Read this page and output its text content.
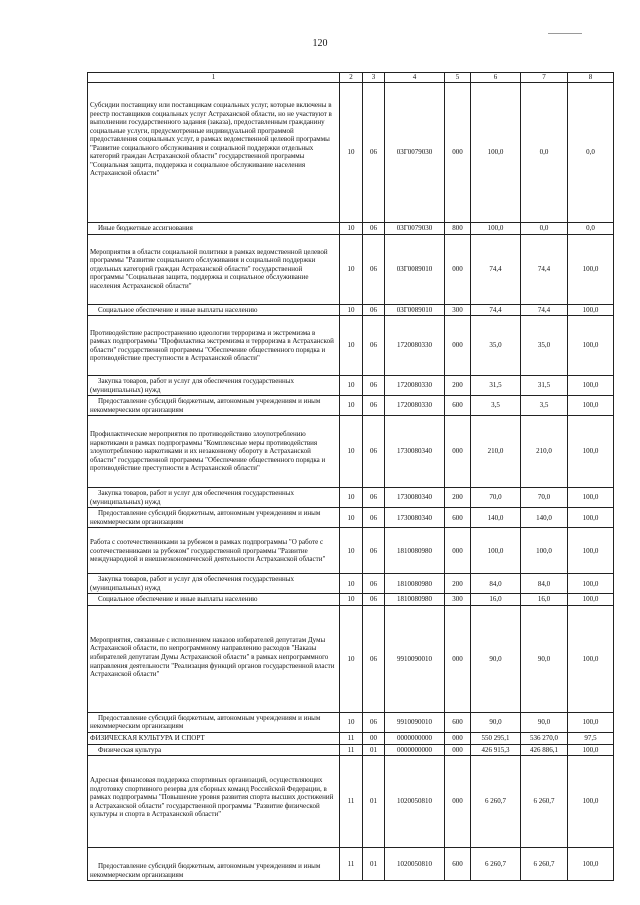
120
1	2	3	4	5	6	7	8

Субсидии поставщику или поставщикам социальных услуг, которые включены в реестр поставщиков социальных услуг Астраханской области, но не участвуют в выполнении государственного задания (заказа), предоставленным гражданину социальные услуги, предусмотренные индивидуальной программой предоставления социальных услуг, в рамках ведомственной целевой программы "Развитие социального обслуживания и социальной поддержки отдельных категорий граждан Астраханской области" государственной программы "Социальная защита, поддержка и социальное обслуживание населения Астраханской области"	10	06	03Г0079030	000	100,0	0,0	0,0

Иные бюджетные ассигнования	10	06	03Г0079030	800	100,0	0,0	0,0

Мероприятия в области социальной политики в рамках ведомственной целевой программы "Развитие социального обслуживания и социальной поддержки отдельных категорий граждан Астраханской области" государственной программы "Социальная защита, поддержка и социальное обслуживание населения Астраханской области"	10	06	03Г0089010	000	74,4	74,4	100,0

Социальное обеспечение и иные выплаты населению	10	06	03Г0089010	300	74,4	74,4	100,0

Противодействие распространению идеологии терроризма и экстремизма в рамках подпрограммы "Профилактика экстремизма и терроризма в Астраханской области" государственной программы "Обеспечение общественного порядка и противодействие преступности в Астраханской области"	10	06	1720080330	000	35,0	35,0	100,0

Закупка товаров, работ и услуг для обеспечения государственных (муниципальных) нужд	10	06	1720080330	200	31,5	31,5	100,0

Предоставление субсидий бюджетным, автономным учреждениям и иным некоммерческим организациям	10	06	1720080330	600	3,5	3,5	100,0

Профилактические мероприятия по противодействию злоупотреблению наркотиками в рамках подпрограммы "Комплексные меры противодействия злоупотреблению наркотиками и их незаконному обороту в Астраханской области" государственной программы "Обеспечение общественного порядка и противодействие преступности в Астраханской области"	10	06	1730080340	000	210,0	210,0	100,0

Закупка товаров, работ и услуг для обеспечения государственных (муниципальных) нужд	10	06	1730080340	200	70,0	70,0	100,0

Предоставление субсидий бюджетным, автономным учреждениям и иным некоммерческим организациям	10	06	1730080340	600	140,0	140,0	100,0

Работа с соотечественниками за рубежом в рамках подпрограммы "О работе с соотечественниками за рубежом" государственной программы "Развитие международной и внешнеэкономической деятельности Астраханской области"	10	06	1810080980	000	100,0	100,0	100,0

Закупка товаров, работ и услуг для обеспечения государственных (муниципальных) нужд	10	06	1810080980	200	84,0	84,0	100,0

Социальное обеспечение и иные выплаты населению	10	06	1810080980	300	16,0	16,0	100,0

Мероприятия, связанные с исполнением наказов избирателей депутатам Думы Астраханской области, по непрограммному направлению расходов "Наказы избирателей депутатам Думы Астраханской области" в рамках непрограммного направления деятельности "Реализация функций органов государственной власти Астраханской области"	10	06	9910090010	000	90,0	90,0	100,0

Предоставление субсидий бюджетным, автономным учреждениям и иным некоммерческим организациям	10	06	9910090010	600	90,0	90,0	100,0

ФИЗИЧЕСКАЯ КУЛЬТУРА И СПОРТ	11	00	0000000000	000	550 295,1	536 270,0	97,5

Физическая культура	11	01	0000000000	000	426 915,3	426 886,1	100,0

Адресная финансовая поддержка спортивных организаций, осуществляющих подготовку спортивного резерва для сборных команд Российской Федерации, в рамках подпрограммы "Повышение уровня развития спорта высших достижений в Астраханской области" государственной программы "Развитие физической культуры и спорта в Астраханской области"	11	01	1020050810	000	6 260,7	6 260,7	100,0

Предоставление субсидий бюджетным, автономным учреждениям и иным некоммерческим организациям	11	01	1020050810	600	6 260,7	6 260,7	100,0
